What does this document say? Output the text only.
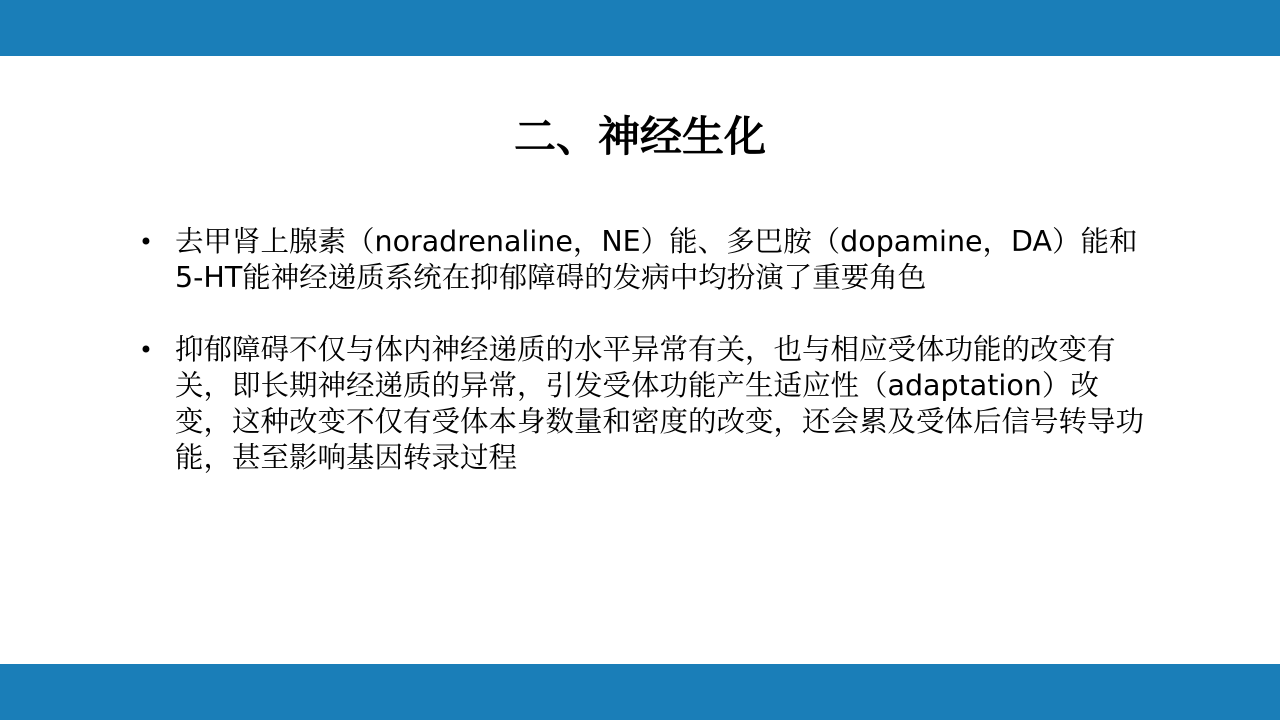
二、神经生化
• 去甲肾上腺素（noradrenaline，NE）能、多巴胺（dopamine，DA）能和5-HT能神经递质系统在抑郁障碍的发病中均扮演了重要角色
• 抑郁障碍不仅与体内神经递质的水平异常有关，也与相应受体功能的改变有关，即长期神经递质的异常，引发受体功能产生适应性（adaptation）改变，这种改变不仅有受体本身数量和密度的改变，还会累及受体后信号转导功能，甚至影响基因转录过程
